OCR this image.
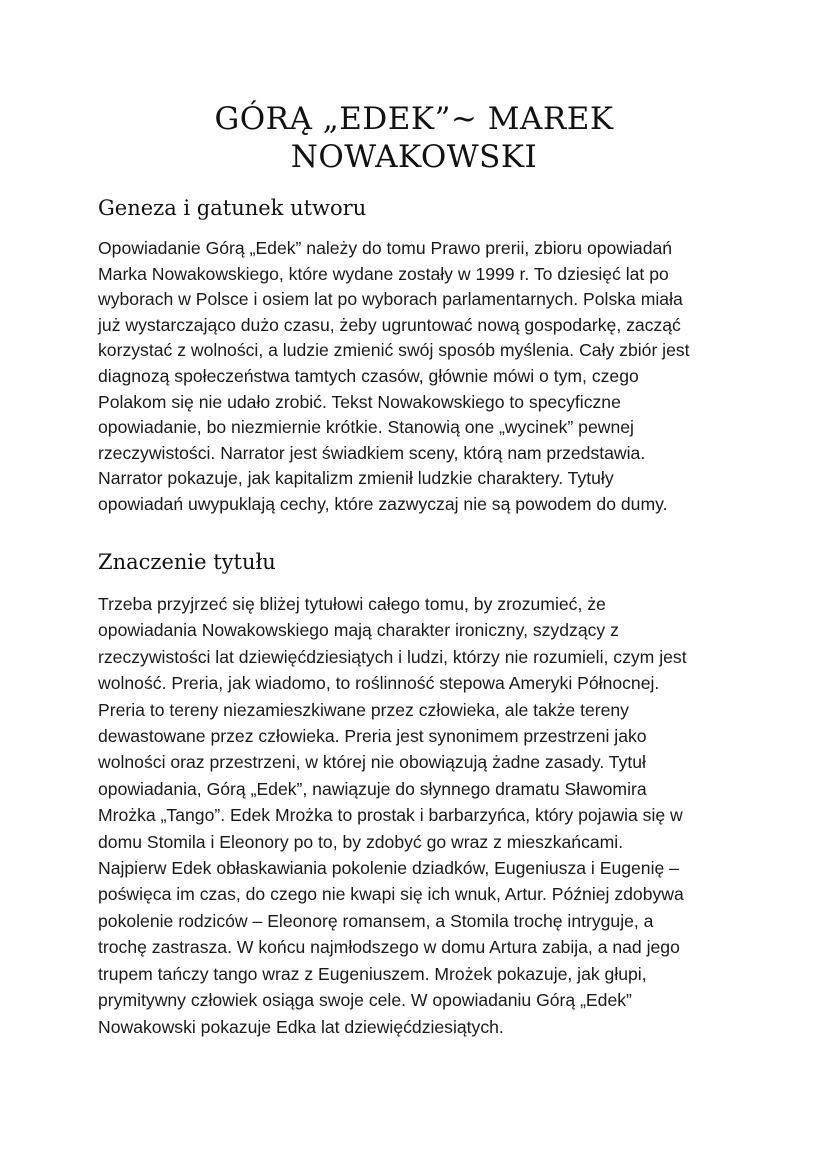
GÓRĄ „EDEK”~ MAREK
NOWAKOWSKI
Geneza i gatunek utworu
Opowiadanie Górą „Edek” należy do tomu Prawo prerii, zbioru opowiadań
Marka Nowakowskiego, które wydane zostały w 1999 r. To dziesięć lat po
wyborach w Polsce i osiem lat po wyborach parlamentarnych. Polska miała
już wystarczająco dużo czasu, żeby ugruntować nową gospodarkę, zacząć
korzystać z wolności, a ludzie zmienić swój sposób myślenia. Cały zbiór jest
diagnozą społeczeństwa tamtych czasów, głównie mówi o tym, czego
Polakom się nie udało zrobić. Tekst Nowakowskiego to specyficzne
opowiadanie, bo niezmiernie krótkie. Stanowią one „wycinek” pewnej
rzeczywistości. Narrator jest świadkiem sceny, którą nam przedstawia.
Narrator pokazuje, jak kapitalizm zmienił ludzkie charaktery. Tytuły
opowiadań uwypuklają cechy, które zazwyczaj nie są powodem do dumy.
Znaczenie tytułu
Trzeba przyjrzeć się bliżej tytułowi całego tomu, by zrozumieć, że
opowiadania Nowakowskiego mają charakter ironiczny, szydzący z
rzeczywistości lat dziewięćdziesiątych i ludzi, którzy nie rozumieli, czym jest
wolność. Preria, jak wiadomo, to roślinność stepowa Ameryki Północnej.
Preria to tereny niezamieszkiwane przez człowieka, ale także tereny
dewastowane przez człowieka. Preria jest synonimem przestrzeni jako
wolności oraz przestrzeni, w której nie obowiązują żadne zasady. Tytuł
opowiadania, Górą „Edek”, nawiązuje do słynnego dramatu Sławomira
Mrożka „Tango”. Edek Mrożka to prostak i barbarzyńca, który pojawia się w
domu Stomila i Eleonory po to, by zdobyć go wraz z mieszkańcami.
Najpierw Edek obłaskawiania pokolenie dziadków, Eugeniusza i Eugenię –
poświęca im czas, do czego nie kwapi się ich wnuk, Artur. Później zdobywa
pokolenie rodziców – Eleonorę romansem, a Stomila trochę intryguje, a
trochę zastrasza. W końcu najmłodszego w domu Artura zabija, a nad jego
trupem tańczy tango wraz z Eugeniuszem. Mrożek pokazuje, jak głupi,
prymitywny człowiek osiąga swoje cele. W opowiadaniu Górą „Edek”
Nowakowski pokazuje Edka lat dziewięćdziesiątych.
